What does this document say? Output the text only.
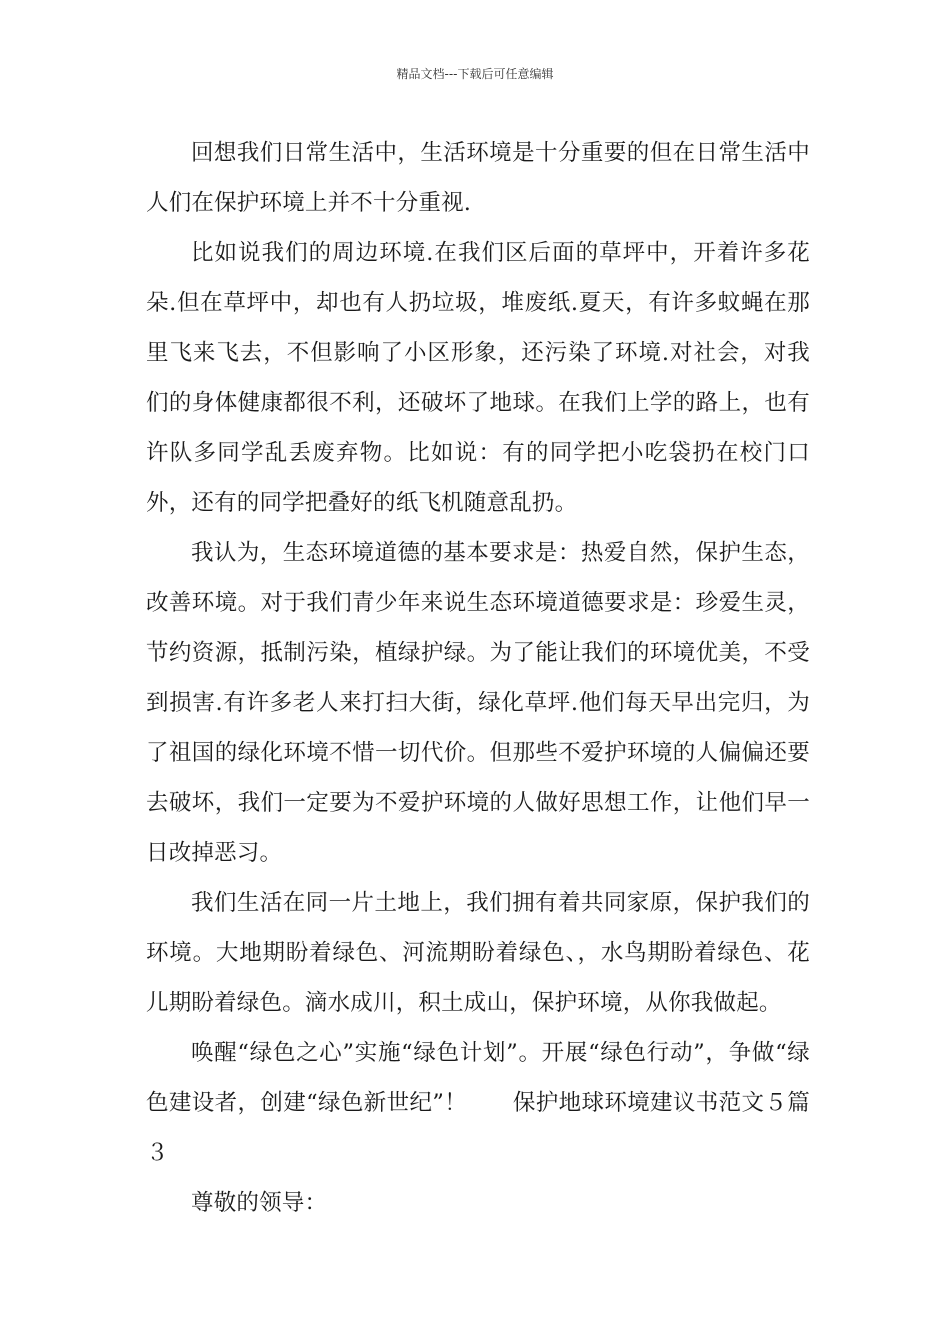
精品文档---下载后可任意编辑

回想我们日常生活中，生活环境是十分重要的但在日常生活中人们在保护环境上并不十分重视.

比如说我们的周边环境.在我们区后面的草坪中，开着许多花朵.但在草坪中，却也有人扔垃圾，堆废纸.夏天，有许多蚊蝇在那里飞来飞去，不但影响了小区形象，还污染了环境.对社会，对我们的身体健康都很不利，还破坏了地球。在我们上学的路上，也有许队多同学乱丢废弃物。比如说：有的同学把小吃袋扔在校门口外，还有的同学把叠好的纸飞机随意乱扔。

我认为，生态环境道德的基本要求是：热爱自然，保护生态，改善环境。对于我们青少年来说生态环境道德要求是：珍爱生灵，节约资源，抵制污染，植绿护绿。为了能让我们的环境优美，不受到损害.有许多老人来打扫大街，绿化草坪.他们每天早出完归，为了祖国的绿化环境不惜一切代价。但那些不爱护环境的人偏偏还要去破坏，我们一定要为不爱护环境的人做好思想工作，让他们早一日改掉恶习。

我们生活在同一片土地上，我们拥有着共同家原，保护我们的环境。大地期盼着绿色、河流期盼着绿色、，水鸟期盼着绿色、花儿期盼着绿色。滴水成川，积土成山，保护环境，从你我做起。

唤醒“绿色之心”实施“绿色计划”。开展“绿色行动”，争做“绿色建设者，创建“绿色新世纪”！　　保护地球环境建议书范文５篇３

尊敬的领导：
